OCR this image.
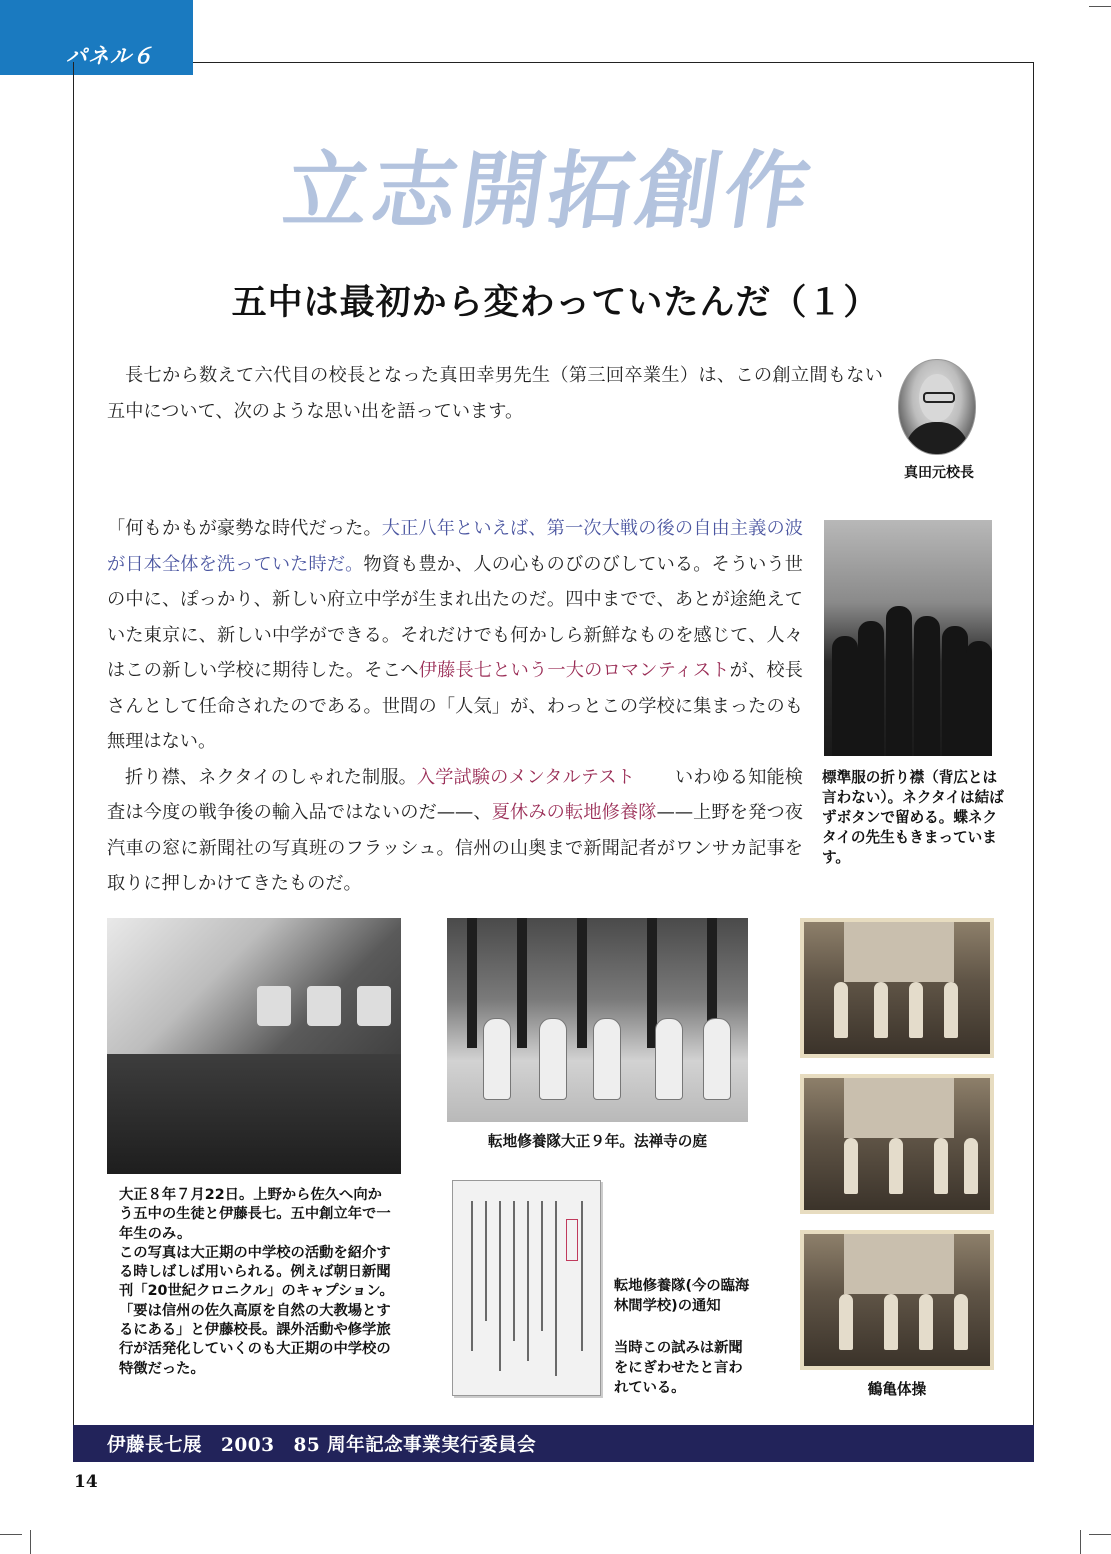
パネル６
立
志
開
拓
創
作
五中は最初から変わっていたんだ（１）
長七から数えて六代目の校長となった真田幸男先生（第三回卒業生）は、この創立間もない五中について、次のような思い出を語っています。
真田元校長
「何もかもが豪勢な時代だった。大正八年といえば、第一次大戦の後の自由主義の波が日本全体を洗っていた時だ。物資も豊か、人の心ものびのびしている。そういう世の中に、ぽっかり、新しい府立中学が生まれ出たのだ。四中までで、あとが途絶えていた東京に、新しい中学ができる。それだけでも何かしら新鮮なものを感じて、人々はこの新しい学校に期待した。そこへ伊藤長七という一大のロマンティストが、校長さんとして任命されたのである。世間の「人気」が、わっとこの学校に集まったのも無理はない。
折り襟、ネクタイのしゃれた制服。入学試験のメンタルテスト いわゆる知能検査は今度の戦争後の輸入品ではないのだ——、夏休みの転地修養隊——上野を発つ夜汽車の窓に新聞社の写真班のフラッシュ。信州の山奥まで新聞記者がワンサカ記事を取りに押しかけてきたものだ。
標準服の折り襟（背広とは言わない）。ネクタイは結ばずボタンで留める。蝶ネクタイの先生もきまっています。
大正８年７月22日。上野から佐久へ向かう五中の生徒と伊藤長七。五中創立年で一年生のみ。
この写真は大正期の中学校の活動を紹介する時しばしば用いられる。例えば朝日新聞刊「20世紀クロニクル」のキャプション。
「要は信州の佐久高原を自然の大教場とするにある」と伊藤校長。課外活動や修学旅行が活発化していくのも大正期の中学校の特徴だった。
転地修養隊大正９年。法禅寺の庭
転地修養隊(今の臨海林間学校)の通知
当時この試みは新聞をにぎわせたと言われている。	鶴亀体操
伊藤長七展　2003　85 周年記念事業実行委員会
14
